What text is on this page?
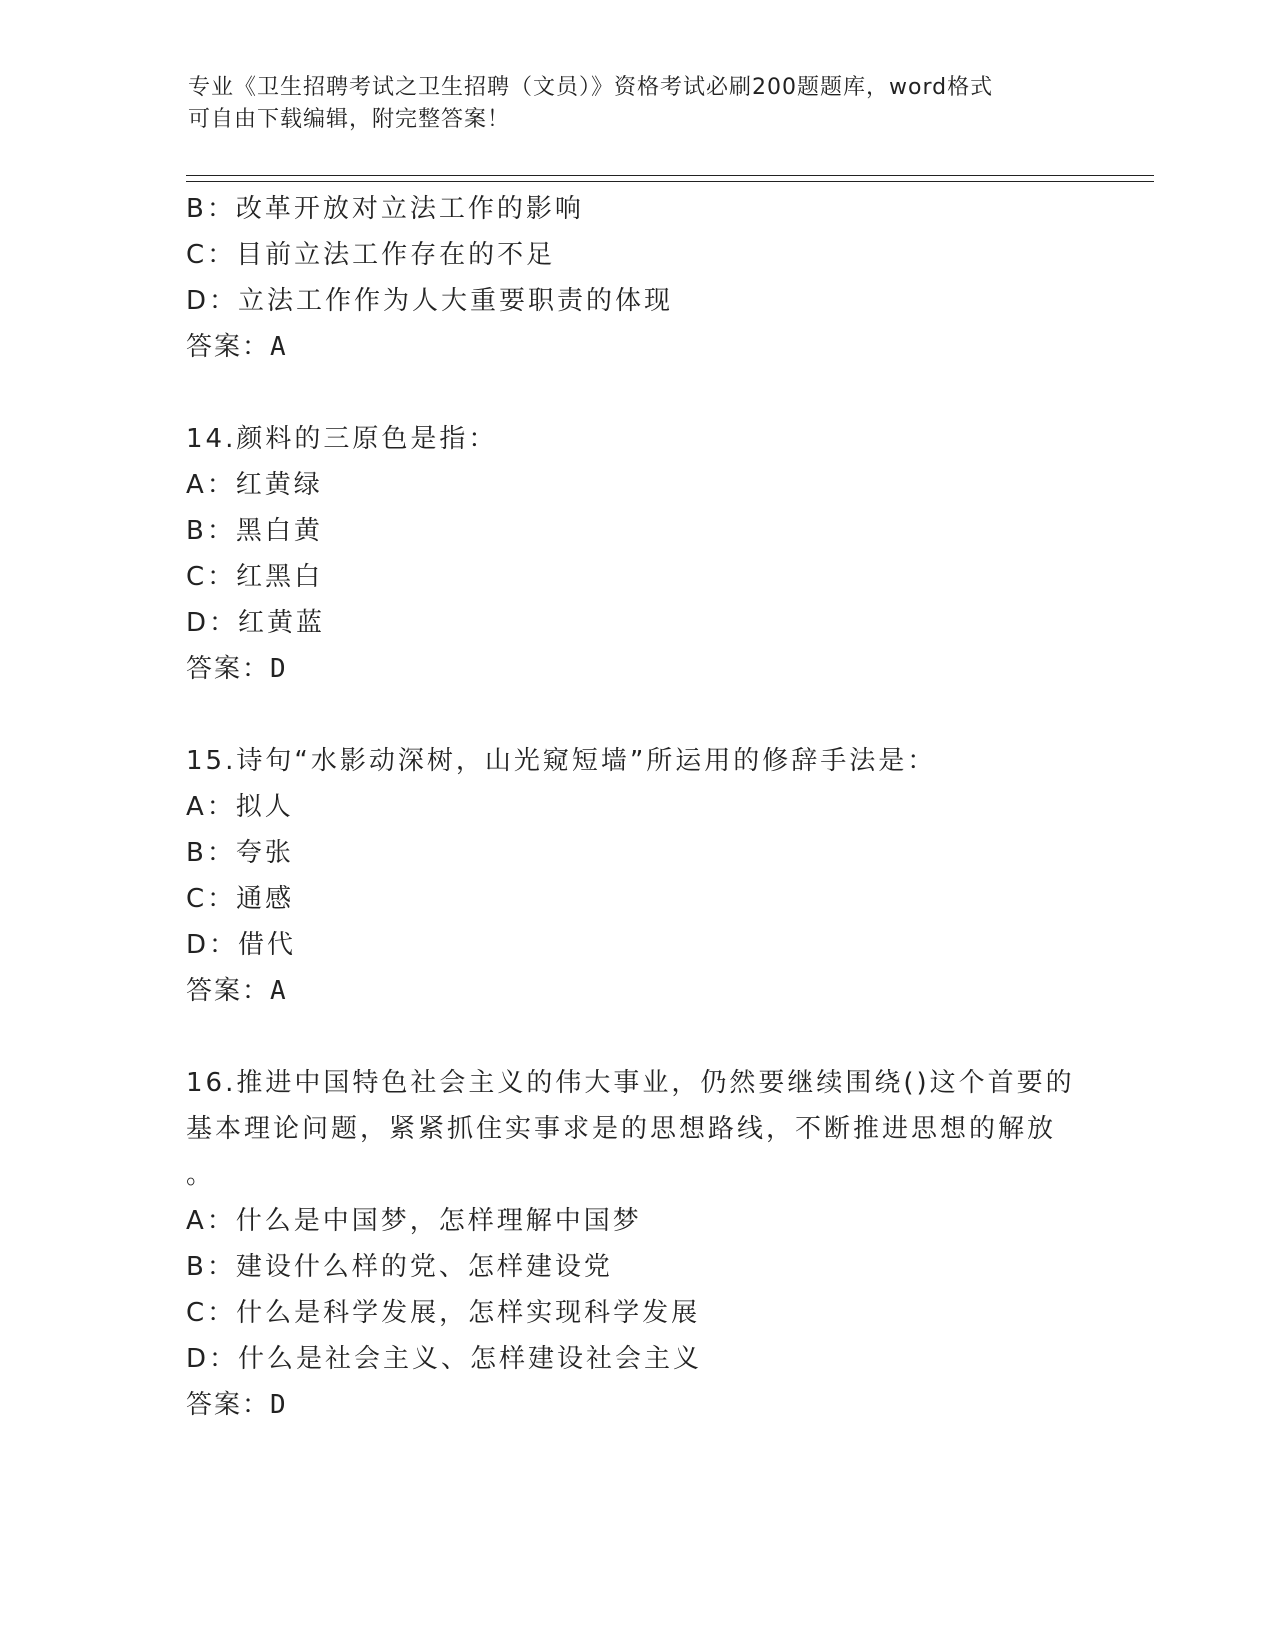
专业《卫生招聘考试之卫生招聘（文员）》资格考试必刷200题题库，word格式
可自由下载编辑，附完整答案！
B：改革开放对立法工作的影响
C：目前立法工作存在的不足
D：立法工作作为人大重要职责的体现
答案：A
14.颜料的三原色是指：
A：红黄绿
B：黑白黄
C：红黑白
D：红黄蓝
答案：D
15.诗句“水影动深树，山光窥短墙”所运用的修辞手法是：
A：拟人
B：夸张
C：通感
D：借代
答案：A
16.推进中国特色社会主义的伟大事业，仍然要继续围绕()这个首要的
基本理论问题，紧紧抓住实事求是的思想路线，不断推进思想的解放
。
A：什么是中国梦，怎样理解中国梦
B：建设什么样的党、怎样建设党
C：什么是科学发展，怎样实现科学发展
D：什么是社会主义、怎样建设社会主义
答案：D
